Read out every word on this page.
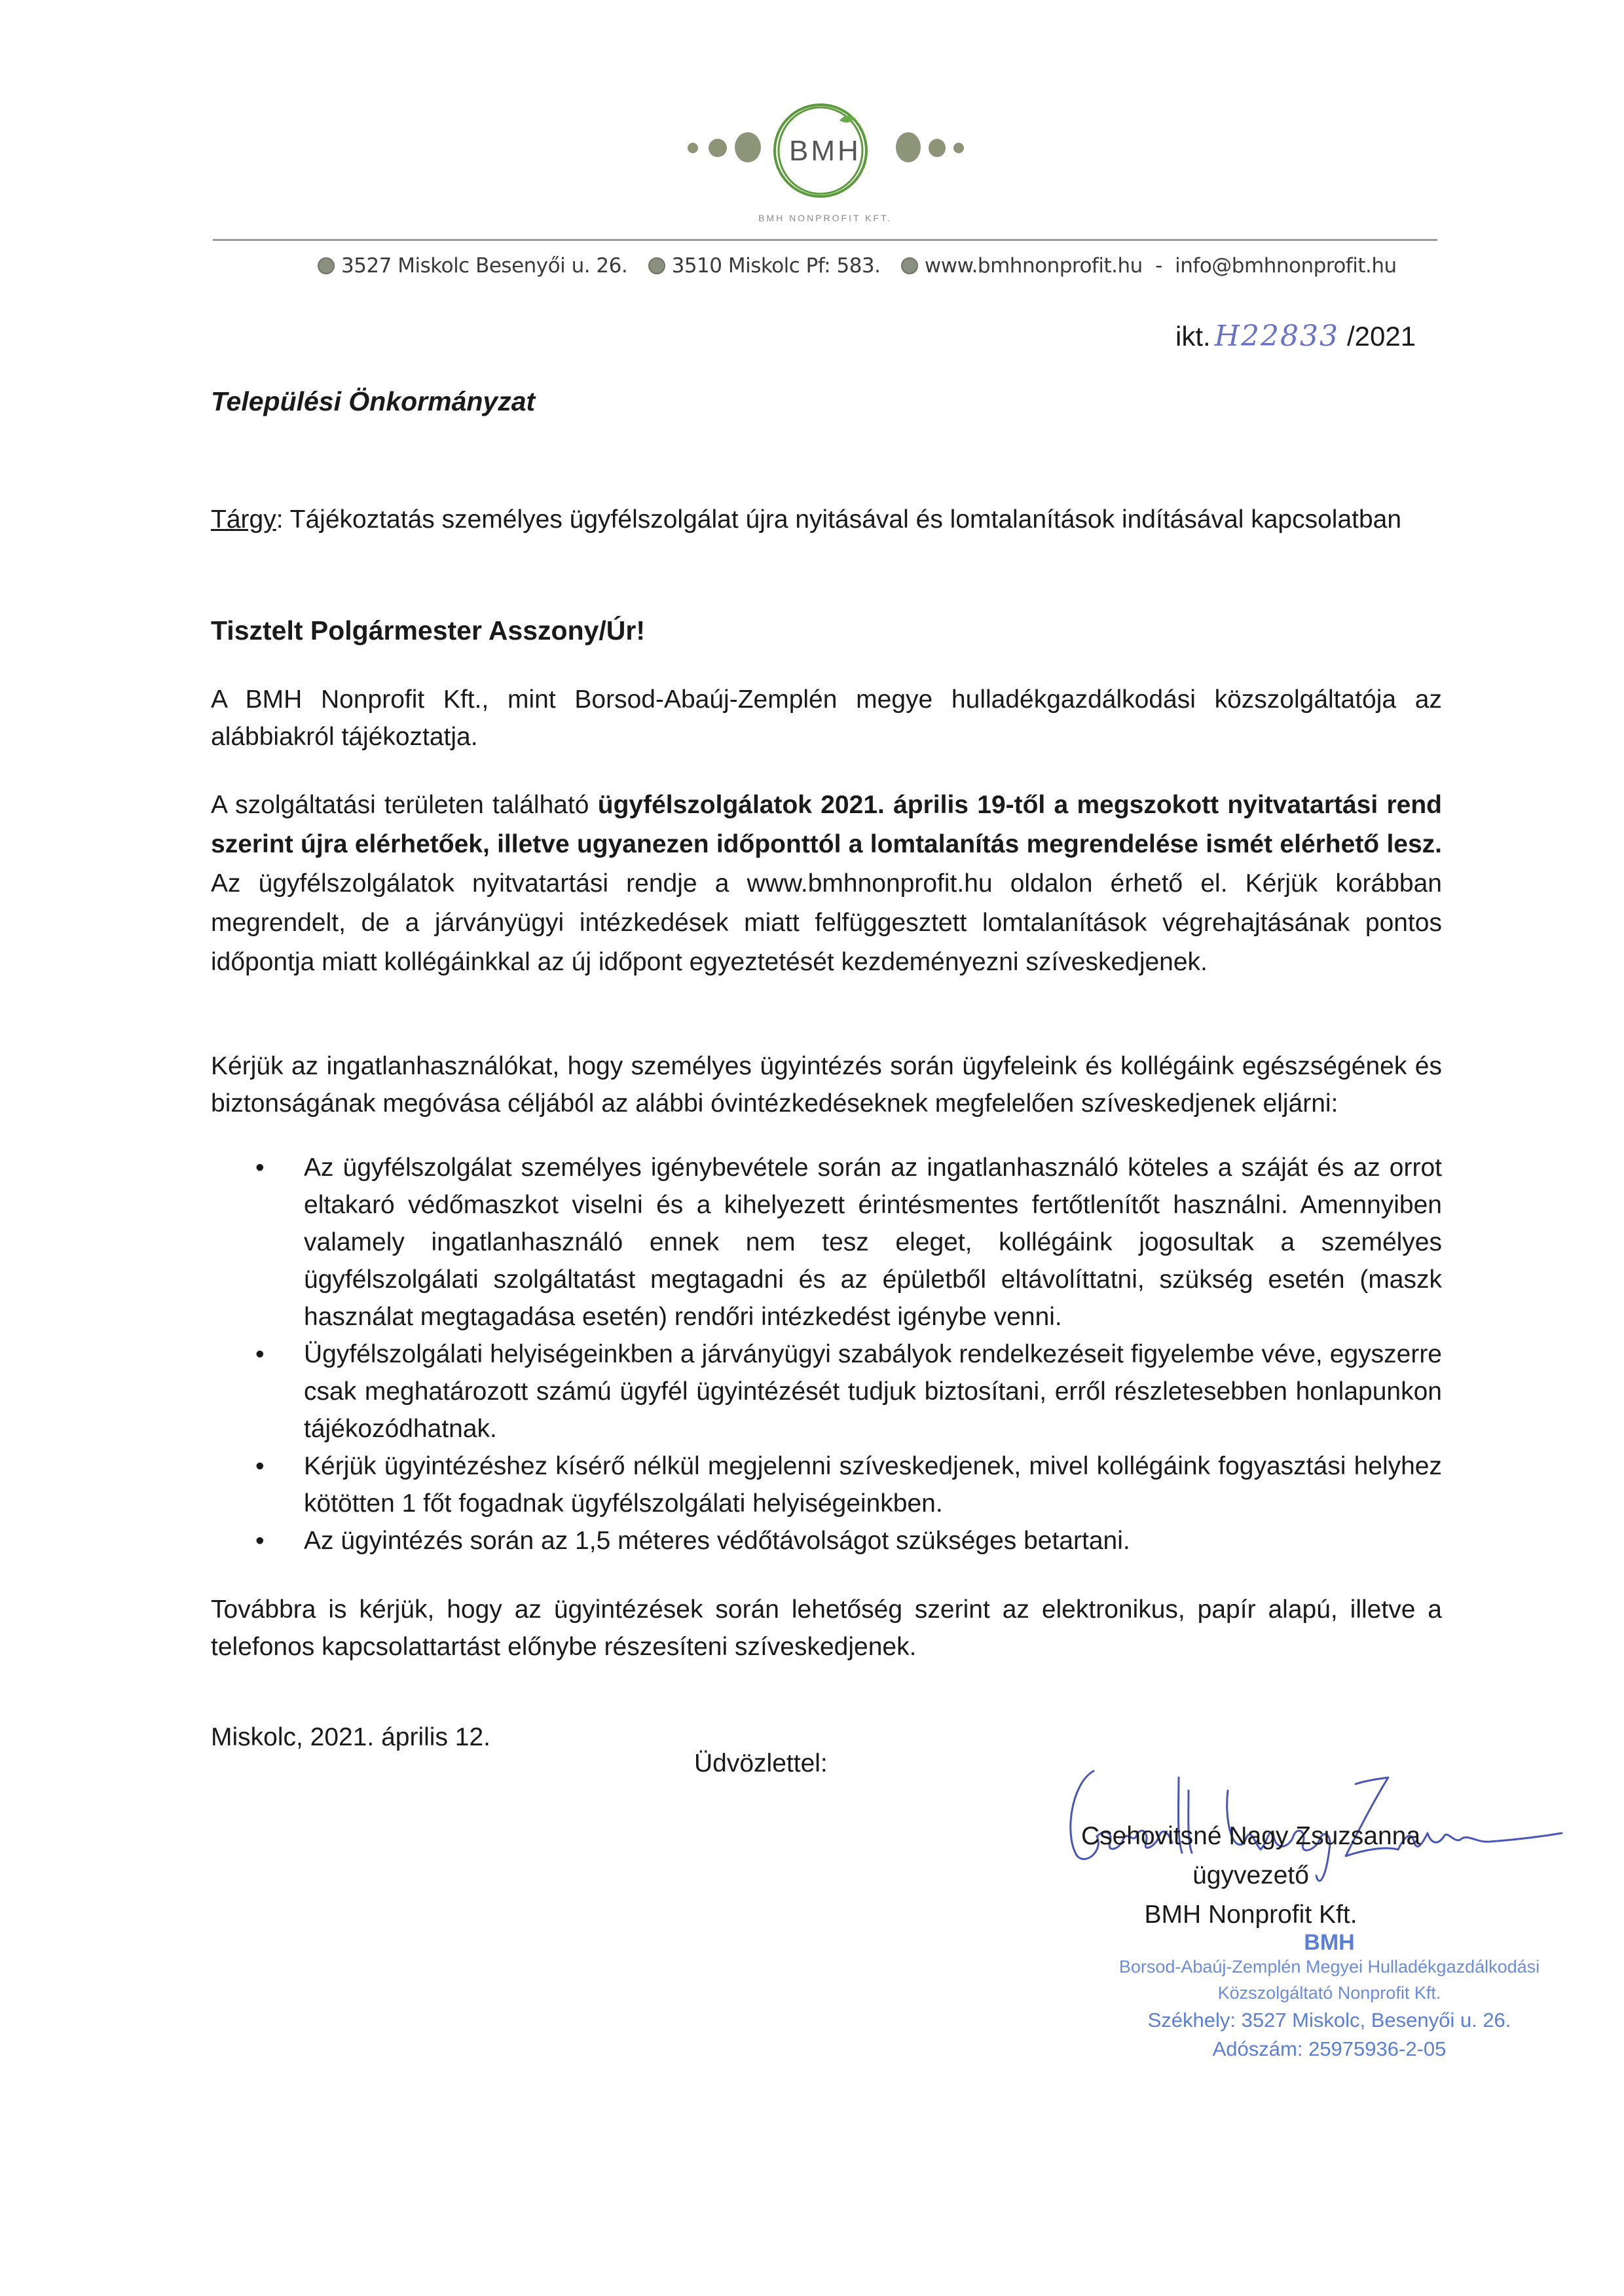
BMH
BMH NONPROFIT KFT.
3527 Miskolc Besenyői u. 26. 3510 Miskolc Pf: 583. www.bmhnonprofit.hu - info@bmhnonprofit.hu
ikt. H22833 /2021
Települési Önkormányzat
Tárgy: Tájékoztatás személyes ügyfélszolgálat újra nyitásával és lomtalanítások indításával kapcsolatban
Tisztelt Polgármester Asszony/Úr!
A BMH Nonprofit Kft., mint Borsod-Abaúj-Zemplén megye hulladékgazdálkodási közszolgáltatója az alábbiakról tájékoztatja.
A szolgáltatási területen található ügyfélszolgálatok 2021. április 19-től a megszokott nyitvatartási rend szerint újra elérhetőek, illetve ugyanezen időponttól a lomtalanítás megrendelése ismét elérhető lesz. Az ügyfélszolgálatok nyitvatartási rendje a www.bmhnonprofit.hu oldalon érhető el. Kérjük korábban megrendelt, de a járványügyi intézkedések miatt felfüggesztett lomtalanítások végrehajtásának pontos időpontja miatt kollégáinkkal az új időpont egyeztetését kezdeményezni szíveskedjenek.
Kérjük az ingatlanhasználókat, hogy személyes ügyintézés során ügyfeleink és kollégáink egészségének és biztonságának megóvása céljából az alábbi óvintézkedéseknek megfelelően szíveskedjenek eljárni:
• Az ügyfélszolgálat személyes igénybevétele során az ingatlanhasználó köteles a száját és az orrot eltakaró védőmaszkot viselni és a kihelyezett érintésmentes fertőtlenítőt használni. Amennyiben valamely ingatlanhasználó ennek nem tesz eleget, kollégáink jogosultak a személyes ügyfélszolgálati szolgáltatást megtagadni és az épületből eltávolíttatni, szükség esetén (maszk használat megtagadása esetén) rendőri intézkedést igénybe venni.
• Ügyfélszolgálati helyiségeinkben a járványügyi szabályok rendelkezéseit figyelembe véve, egyszerre csak meghatározott számú ügyfél ügyintézését tudjuk biztosítani, erről részletesebben honlapunkon tájékozódhatnak.
• Kérjük ügyintézéshez kísérő nélkül megjelenni szíveskedjenek, mivel kollégáink fogyasztási helyhez kötötten 1 főt fogadnak ügyfélszolgálati helyiségeinkben.
• Az ügyintézés során az 1,5 méteres védőtávolságot szükséges betartani.
Továbbra is kérjük, hogy az ügyintézések során lehetőség szerint az elektronikus, papír alapú, illetve a telefonos kapcsolattartást előnybe részesíteni szíveskedjenek.
Miskolc, 2021. április 12.
Üdvözlettel:
Csehovitsné Nagy Zsuzsanna
ügyvezető
BMH Nonprofit Kft.
BMH
Borsod-Abaúj-Zemplén Megyei Hulladékgazdálkodási
Közszolgáltató Nonprofit Kft.
Székhely: 3527 Miskolc, Besenyői u. 26.
Adószám: 25975936-2-05
